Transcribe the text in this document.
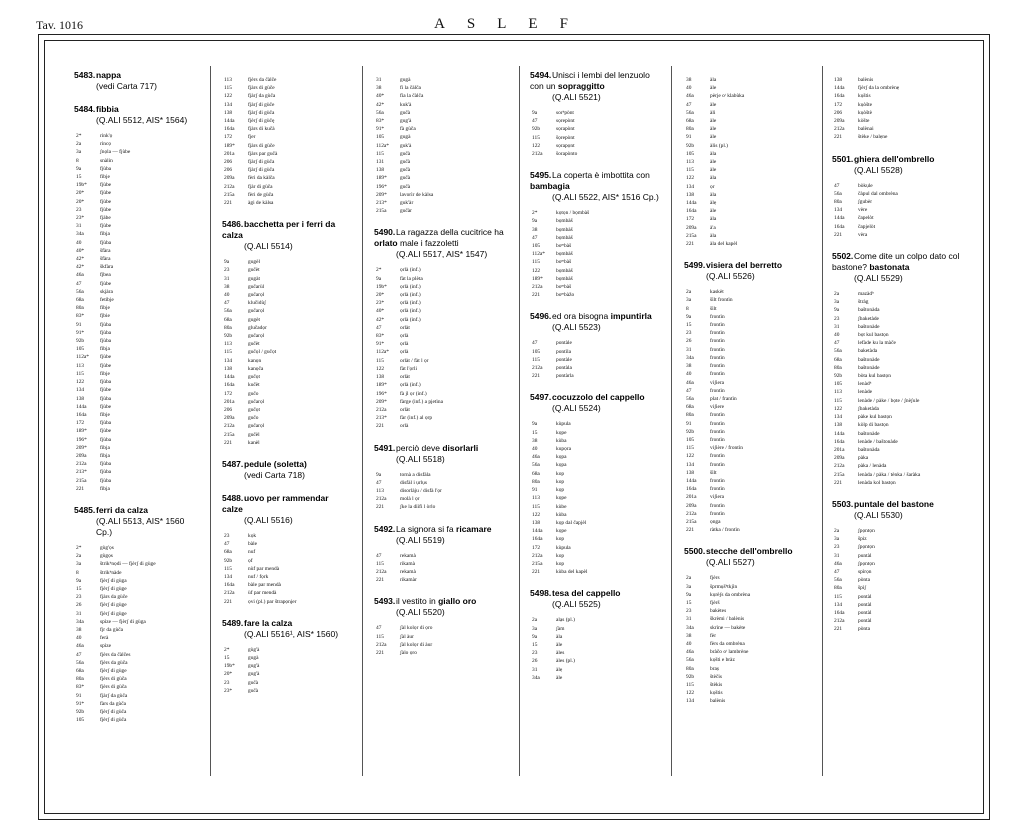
Tav. 1016	ASLEF
5483.nappa
(vedi Carta 717)
5484.fibbia
(Q.ALI 5512, AIS* 1564)
2*	rink'ọ
2a	rincọ
3a	ʃnọla — fjùbe
8	snàlin
9a	fjùba
15	fibje
19b* fjùbe
20*	fjùbe
20*	fjùbe
23	fjùbe
23*	fjàbe
31	fjùbe
34a	fibja
40	fjùba
40*	šfàra
42*	šfàra
42*	škfàra
46a	fjbea
47	fjùbe
56a	skjàra
68a	fetibje
80a	fibje
83*	fjbie
91	fjùba
91*	fjùba
92b	fjùba
105	fibja
112a* fjùbe
113	fjùbe
115	fibje
122	fjùba
134	fjùbe
138	fjùba
144a	fjùbe
164a	fibje
172	fjùba
189* fjùbe
196* fjùba
209* fibja
209a	fibja
212a	fjùba
213* fjùba
215a	fjùba
221	fibja
5485.ferri da calza
(Q.ALI 5513, AIS* 1560 Cp.)
2*	gùg'ọs
2a	gùgọs
3a	štrikʰnọdi — fjèrʃ di gùge
8	štrikʰnàde
9a	fjèrʃ di gùga
15	fjèrʃ di gùge
23	fjàrs da gùče
26	fjèrʃ di gùge
31	fjèrʃ di gùge
34a	spìze — fjèrʃ di gùga
38	fjr da gùča
40	ferà
46a	spìze
47	fjèrs da čàlčes
56a	fjèrs da gùča
68a	fjèrʃ di gùge
80a	fjèrs di gùča
83*	fjèrs di gùča
91	fjàrʃ da gùča
91*	fàrs da gùča
92b	fjèrʃ di gùča
105	fjèrʃ di gùča
113	fjèrs da čàlče
115	fjàrs di gùče
122	fjàrʃ da gùča
134	fjàrʃ di gùče
138	fjàrʃ di gùča
144a	fjèrʃ di gùčę
164a	fjàrs di kučà
172	fjer
189* fjàrs di gùče
201a	fjàrs par gučà
206	fjàrʃ di gùča
206	fjàrʃ di gùča
209a	fèri da kàlča
212a	fjàr di gùča
215a	fèri de gùča
221	àgi de kàlsa
5486.bacchetta per i ferri da calza
(Q.ALI 5514)
9a	gugèl
23	gučèt
31	gugàt
38	gučarùl
40	gučarọl
47	klučidùʃ
56a	gučarọl
68a	gugèt
80a	glučadọr
92b	gučarọl
113	gučèt
115	gučọl / gučọt
134	kanọn
138	kanọča
144a	gučọt
164a	kučèt
172	gučo
201a	gučarọl
206	gučọt
209a	gučo
212a	gučarọl
215a	gučèl
221	kanèl
5487.pedule (soletta)
(vedi Carta 718)
5488.uovo per rammendar calze
(Q.ALI 5516)
23	kọk
47	bàle
68a	nuf
92b	ọf
115	nùf par mendà
134	nuf / fọrk
164a	bàle par mendà
212a	ùf par mendà
221	ọvi (pl.) par štrapọnjer
5489.fare la calza
(Q.ALI 5516¹, AIS* 1560)
2*	gùg'à
15	gugà
19b* gug'à
20*	gug'à
23	gučà
23*	gučà
31	gugà
38	fi la čàlča
40*	fìa la čàlča
42*	kuk'à
56a	gučà
83*	gug'à
91*	fà gùča
105	gugà
112a* guk'à
115	gučà
131	gučà
138	gučà
189* gučà
196* gučà
209* lavorìr de kàlsa
213* guk'àr
215a	gučàr
5490.La ragazza della cucitrice ha orlato male i fazzoletti
(Q.ALI 5517, AIS* 1547)
2*	ọrlà (inf.)
9a	fàt la plèta
19b* ọrlà (inf.)
20*	ọrlà (inf.)
23*	ọrlà (inf.)
40*	ọrlà (inf.)
42*	ọrlà (inf.)
47	orlàt
83*	ọrlà
91*	ọrlà
112a* ọrlà
115	orlàt / fàt l ọr
122	fàt l'ọrli
138	orlàt
189* ọrlà (inf.)
196* fà jl ọr (inf.)
209* fàrge (inf.) a pjetìna
212a	orlàt
213* fàr (inf.) al ọrp
221	orlà
5491.perciò deve disorlarli
(Q.ALI 5518)
9a	tornà a disfàla
47	disfàl i ụrlụs
113	disorlàju / disfà l'ọr
212a	molà l ọr
221	ʃke la diìfi l òrlo
5492.La signora si fa ricamare
(Q.ALI 5519)
47	rekamà
115	rikamà
212a	rekamà
221	rikamàr
5493.il vestito in giallo oro
(Q.ALI 5520)
47	ʃàl kolọr di ọro
115	ʃàl àur
212a	ʃàl kolọr di àur
221	ʃàlo ọro
5494.Unisci i lembi del lenzuolo con un sopraggitto
(Q.ALI 5521)
9a	sorʰpònt
47	sọrepònt
92b	sọrapònt
115	šọrepònt
122	sọrapọnt
212a	šorapònto
5495.La coperta è imbottita con bambagia
(Q.ALI 5522, AIS* 1516 Cp.)
2*	kọtọn / bọmbàš
9a	bọmbàš
38	bọmbàš
47	bọmbàš
105	boᵐbàš
112a* bọmbàš
115	boᵐbàš
122	bọmbàš
189* bọmbàš
212a	boᵐbàš
221	boᵐbàžo
5496.ed ora bisogna impuntirla
(Q.ALI 5523)
47	pontàle
105	pontìla
115	pontàle
212a	pontàla
221	pontàrla
5497.cocuzzolo del cappello
(Q.ALI 5524)
9a	kùpula
15	kọpe
38	kùba
40	kupọra
46a	kọpa
56a	kọpa
68a	kop
80a	kop
91	kọp
113	kọpe
115	kùbe
122	kùba
138	kọp dal čapjèl
144a	kọpe
164a	kop
172	kùpula
212a	kop
215a	kop
221	kùba del kapèl
5498.tesa del cappello
(Q.ALI 5525)
2a	alạs (pl.)
3a	ʃàm
9a	àla
15	àle
23	àles
26	àles (pl.)
31	àlẹ
34a	àle
38	àla
40	àle
46a	pèrje oᵗ klabùka
47	àle
56a	àli
68a	àle
80a	àle
91	àle
92b	àlis (pl.)
105	àla
113	àle
115	àle
122	àla
134	ọr
138	àla
144a	àlẹ
164a	àle
172	àla
209a	à'a
215a	àla
221	àla del kapèl
5499.visiera del berretto
(Q.ALI 5526)
2a	kaskèt
3a	šìlt frontìn
8	šìlt
9a	frontìn
15	frontìn
23	frontìn
26	frontìn
31	frontìn
34a	frontìn
38	frontìn
40	frontìn
46a	vìʃiera
47	frontìn
56a	plat / frantìn
68a	viʃiere
80a	frontìn
91	frontìn
92b	frontìn
105	frontìn
115	viʃière / frontìn
122	frontìn
134	frontìn
138	šìlt
144a	frontìn
164a	frontìn
201a	viʃiera
209a	frontìn
212a	frontìn
215a	ọnga
221	ràtka / frontìn
5500.stecche dell'ombrello
(Q.ALI 5527)
2a	fjèrs
3a	šprmụšʰtkjìn
9a	kụrèʃs da ombrèna
15	fjèrš
23	bakètes
31	škrèmi / balènis
34a	skrìne — bakète
38	fèr
40	fèrs da ombrèna
46a	bràčo oᵗ lambrène
56a	kọšti e bràz
80a	braṣ
92b	štèčis
115	štèkis
122	kọštis
134	balènis
138	balènis
144a	fjèrʃ da la ombrènẹ
164a	kụštis
172	kụòšte
206	kụòštè
209a	kòšte
212a	balènai
221	štèke / balẹne
5501.ghiera dell'ombrello
(Q.ALI 5528)
47	bòkụle
56a	čàpul dal ombrèna
80a	ʃgubèr
134	vère
144a	čapelòt
164a	čapjelòt
221	vèra
5502.Come dite un colpo dato col bastone? bastonata
(Q.ALI 5529)
2a	mazàdʰ
3a	štràg
9a	baštonàda
23	ʃbaketàde
31	baštonàde
40	bọt kul bastọn
47	lefàde ku la màče
56a	baketàda
68a	baštonàde
80a	baštonàde
92b	bòta kul bastọn
105	lenàdʰ
113	lenàde
115	lenàde / pàke / bọte / ʃnèʃule
122	ʃbaketàda
134	pàke kul bastọn
138	kòlp di bastọn
144a	baštonàde
164a	lenàde / baštonàde
201a	baštonàda
209a	pàka
212a	pàka / lenàda
215a	lenàda / pàka / tènka / šaràka
221	lenàda kol bastọn
5503.puntale del bastone
(Q.ALI 5530)
2a	ʃpọntọn
3a	špiz
23	ʃpọntọn
31	puntàl
46a	ʃpọntọn
47	spìrọn
56a	pònta
80a	špìʃ
115	pontàl
134	pontàl
164a	pontàl
212a	pontàl
221	pònta
